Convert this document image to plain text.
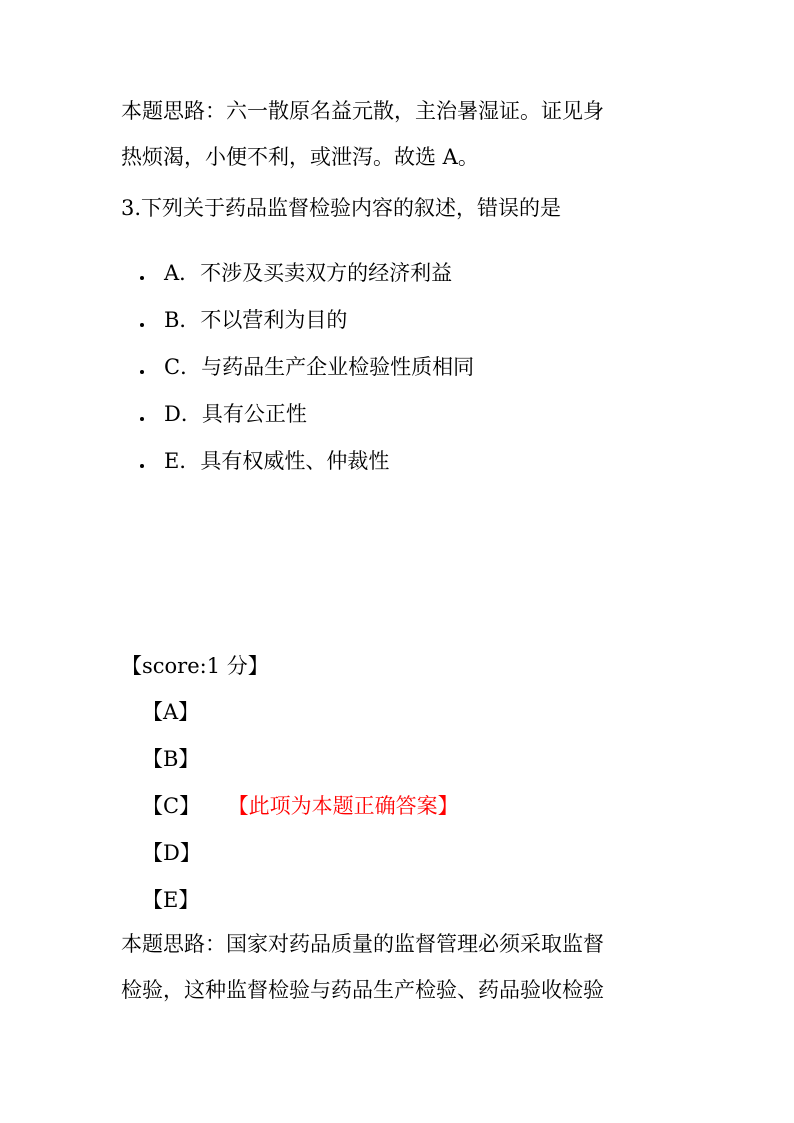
本题思路：六一散原名益元散，主治暑湿证。证见身
热烦渴，小便不利，或泄泻。故选 A。

3.下列关于药品监督检验内容的叙述，错误的是

A．不涉及买卖双方的经济利益
B．不以营利为目的
C．与药品生产企业检验性质相同
D．具有公正性
E．具有权威性、仲裁性

【score:1 分】

【A】
【B】
【C】 【此项为本题正确答案】
【D】
【E】

本题思路：国家对药品质量的监督管理必须采取监督
检验，这种监督检验与药品生产检验、药品验收检验
